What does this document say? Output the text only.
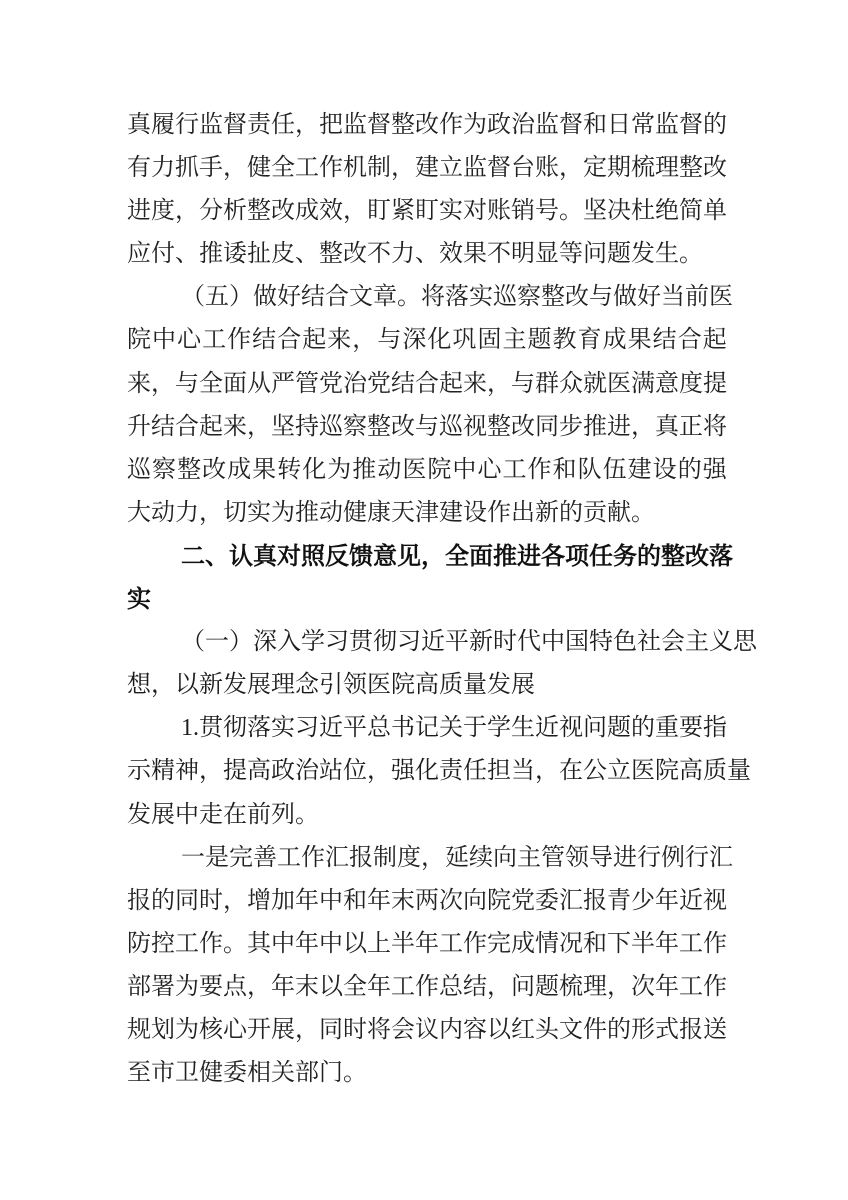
真 履 行 监 督 责 任 ， 把 监 督 整 改 作 为 政 治 监 督 和 日 常 监 督 的
有 力 抓 手 ， 健 全 工 作 机 制 ， 建 立 监 督 台 账 ， 定 期 梳 理 整 改
进 度 ， 分 析 整 改 成 效 ， 盯 紧 盯 实 对 账 销 号 。 坚 决 杜 绝 简 单
应付、推诿扯皮、整改不力、效果不明显等问题发生。
（ 五 ） 做 好 结 合 文 章 。 将 落 实 巡 察 整 改 与 做 好 当 前 医
院 中 心 工 作 结 合 起 来 ， 与 深 化 巩 固 主 题 教 育 成 果 结 合 起
来 ， 与 全 面 从 严 管 党 治 党 结 合 起 来 ， 与 群 众 就 医 满 意 度 提
升 结 合 起 来 ， 坚 持 巡 察 整 改 与 巡 视 整 改 同 步 推 进 ， 真 正 将
巡 察 整 改 成 果 转 化 为 推 动 医 院 中 心 工 作 和 队 伍 建 设 的 强
大动力，切实为推动健康天津建设作出新的贡献。
二 、 认 真 对 照 反 馈 意 见 ， 全 面 推 进 各 项 任 务 的 整 改 落
实
（ 一 ） 深 入 学 习 贯 彻 习 近 平 新 时 代 中 国 特 色 社 会 主 义 思
想，以新发展理念引领医院高质量发展
1 . 贯 彻 落 实 习 近 平 总 书 记 关 于 学 生 近 视 问 题 的 重 要 指
示 精 神 ， 提 高 政 治 站 位 ， 强 化 责 任 担 当 ， 在 公 立 医 院 高 质 量
发展中走在前列。
一 是 完 善 工 作 汇 报 制 度 ， 延 续 向 主 管 领 导 进 行 例 行 汇
报 的 同 时 ， 增 加 年 中 和 年 末 两 次 向 院 党 委 汇 报 青 少 年 近 视
防 控 工 作 。 其 中 年 中 以 上 半 年 工 作 完 成 情 况 和 下 半 年 工 作
部 署 为 要 点 ， 年 末 以 全 年 工 作 总 结 ， 问 题 梳 理 ， 次 年 工 作
规 划 为 核 心 开 展 ， 同 时 将 会 议 内 容 以 红 头 文 件 的 形 式 报 送
至市卫健委相关部门。
